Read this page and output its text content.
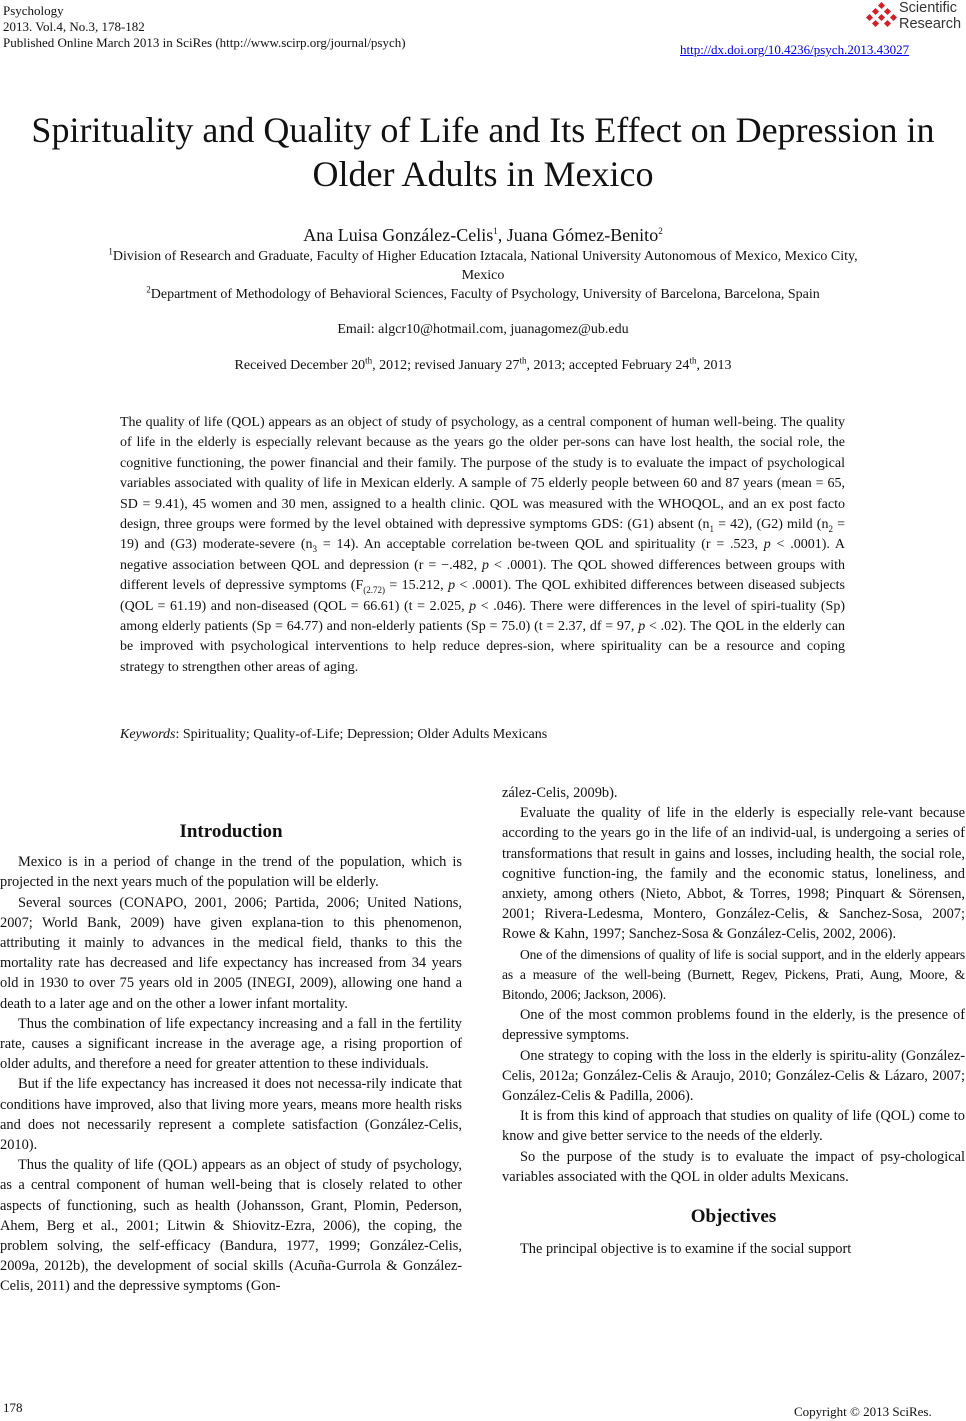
Psychology
2013. Vol.4, No.3, 178-182
Published Online March 2013 in SciRes (http://www.scirp.org/journal/psych)	http://dx.doi.org/10.4236/psych.2013.43027
Scientific
Research
Spirituality and Quality of Life and Its Effect on Depression in
Older Adults in Mexico
Ana Luisa González-Celis$^1$, Juana Gómez-Benito$^2$
$^1$Division of Research and Graduate, Faculty of Higher Education Iztacala, National University Autonomous of Mexico, Mexico City, Mexico
$^2$Department of Methodology of Behavioral Sciences, Faculty of Psychology, University of Barcelona, Barcelona, Spain
Email: algcr10@hotmail.com, juanagomez@ub.edu
Received December 20th, 2012; revised January 27th, 2013; accepted February 24th, 2013
The quality of life (QOL) appears as an object of study of psychology, as a central component of human well-being. The quality of life in the elderly is especially relevant because as the years go the older per-sons can have lost health, the social role, the cognitive functioning, the power financial and their family. The purpose of the study is to evaluate the impact of psychological variables associated with quality of life in Mexican elderly. A sample of 75 elderly people between 60 and 87 years (mean = 65, SD = 9.41), 45 women and 30 men, assigned to a health clinic. QOL was measured with the WHOQOL, and an ex post facto design, three groups were formed by the level obtained with depressive symptoms GDS: (G1) absent $(n_1 = 42)$, (G2) mild $(n_2 = 19)$ and (G3) moderate-severe $(n_3 = 14)$. An acceptable correlation be-tween QOL and spirituality (r = .523, p < .0001). A negative association between QOL and depression (r = −.482, p < .0001). The QOL showed differences between groups with different levels of depressive symptoms ($F_{(2.72)} = 15.212$, p < .0001). The QOL exhibited differences between diseased subjects (QOL = 61.19) and non-diseased (QOL = 66.61) (t = 2.025, p < .046). There were differences in the level of spiri-tuality (Sp) among elderly patients (Sp = 64.77) and non-elderly patients (Sp = 75.0) (t = 2.37, df = 97, p < .02). The QOL in the elderly can be improved with psychological interventions to help reduce depres-sion, where spirituality can be a resource and coping strategy to strengthen other areas of aging.
Keywords: Spirituality; Quality-of-Life; Depression; Older Adults Mexicans
Introduction

Mexico is in a period of change in the trend of the population, which is projected in the next years much of the population will be elderly.

Several sources (CONAPO, 2001, 2006; Partida, 2006; United Nations, 2007; World Bank, 2009) have given explana-tion to this phenomenon, attributing it mainly to advances in the medical field, thanks to this the mortality rate has decreased and life expectancy has increased from 34 years old in 1930 to over 75 years old in 2005 (INEGI, 2009), allowing one hand a death to a later age and on the other a lower infant mortality.

Thus the combination of life expectancy increasing and a fall in the fertility rate, causes a significant increase in the average age, a rising proportion of older adults, and therefore a need for greater attention to these individuals.

But if the life expectancy has increased it does not necessa-rily indicate that conditions have improved, also that living more years, means more health risks and does not necessarily represent a complete satisfaction (González-Celis, 2010).

Thus the quality of life (QOL) appears as an object of study of psychology, as a central component of human well-being that is closely related to other aspects of functioning, such as health (Johansson, Grant, Plomin, Pederson, Ahem, Berg et al., 2001; Litwin & Shiovitz-Ezra, 2006), the coping, the problem solving, the self-efficacy (Bandura, 1977, 1999; González-Celis, 2009a, 2012b), the development of social skills (Acuña-Gurrola & González-Celis, 2011) and the depressive symptoms (Gon-

zález-Celis, 2009b).

Evaluate the quality of life in the elderly is especially rele-vant because according to the years go in the life of an individ-ual, is undergoing a series of transformations that result in gains and losses, including health, the social role, cognitive function-ing, the family and the economic status, loneliness, and anxiety, among others (Nieto, Abbot, & Torres, 1998; Pinquart & Sörensen, 2001; Rivera-Ledesma, Montero, González-Celis, & Sanchez-Sosa, 2007; Rowe & Kahn, 1997; Sanchez-Sosa & González-Celis, 2002, 2006).

One of the dimensions of quality of life is social support, and in the elderly appears as a measure of the well-being (Burnett, Regev, Pickens, Prati, Aung, Moore, & Bitondo, 2006; Jackson, 2006).

One of the most common problems found in the elderly, is the presence of depressive symptoms.

One strategy to coping with the loss in the elderly is spiritu-ality (González-Celis, 2012a; González-Celis & Araujo, 2010; González-Celis & Lázaro, 2007; González-Celis & Padilla, 2006).

It is from this kind of approach that studies on quality of life (QOL) come to know and give better service to the needs of the elderly.

So the purpose of the study is to evaluate the impact of psy-chological variables associated with the QOL in older adults Mexicans.

Objectives

The principal objective is to examine if the social support

178	Copyright © 2013 SciRes.
